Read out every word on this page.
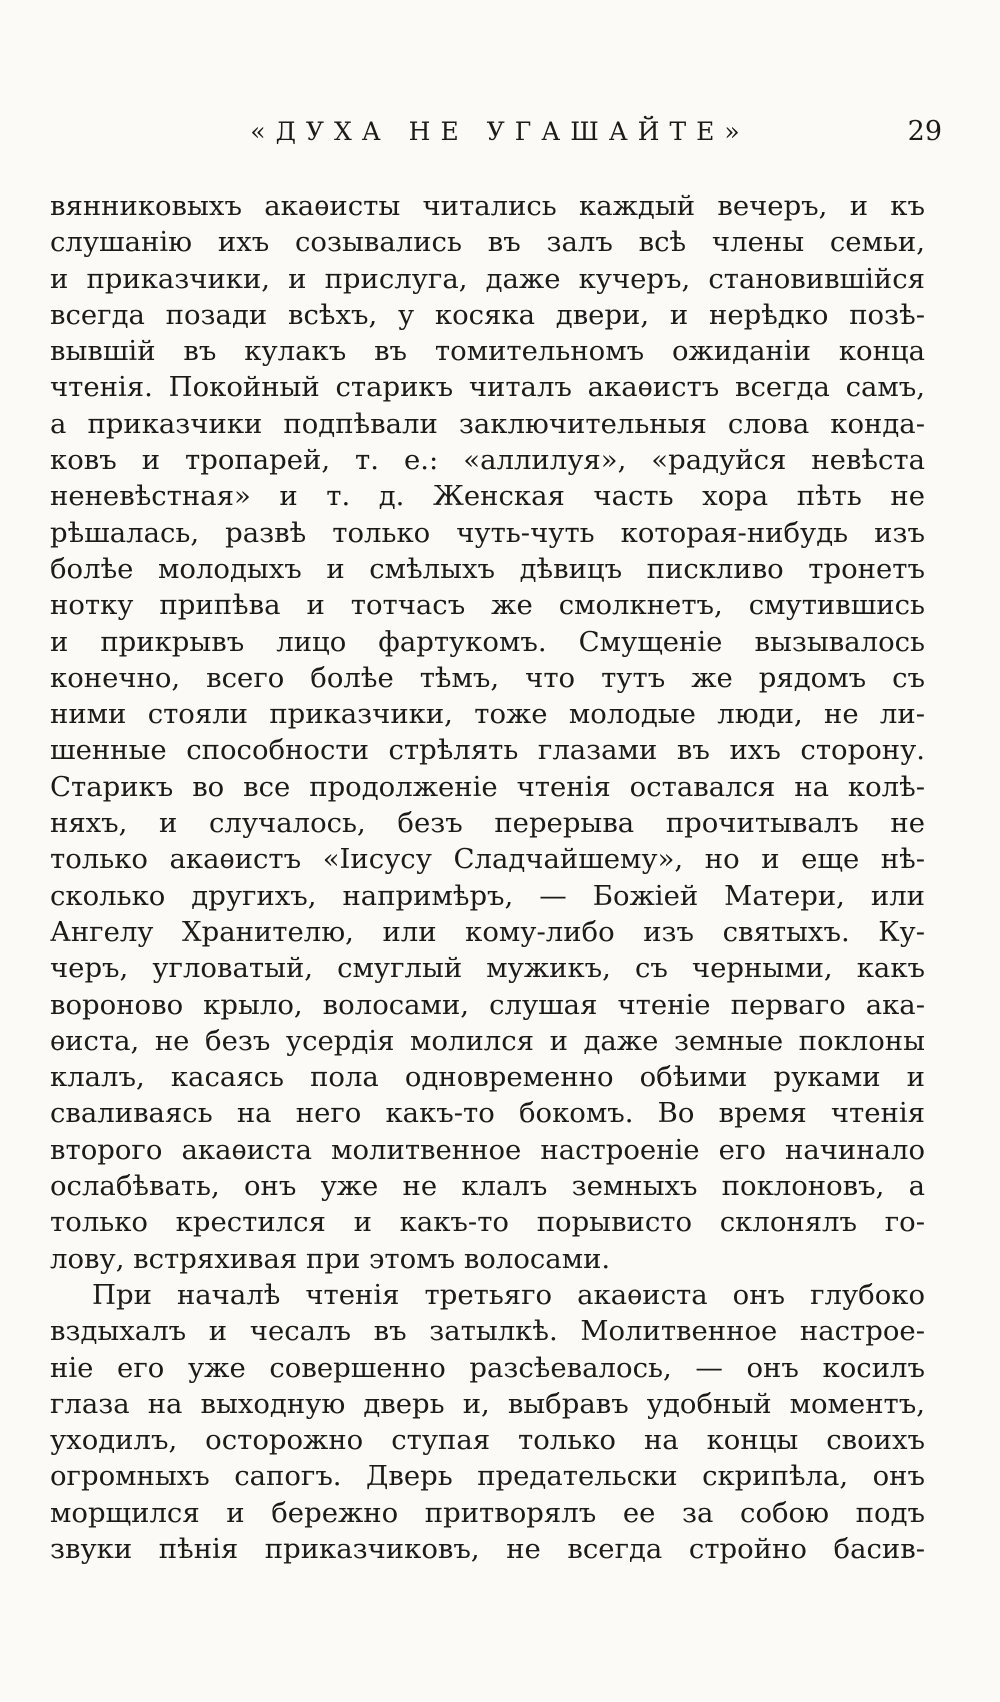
«ДУХА НЕ УГАШАЙТЕ»	29
вянниковыхъ акаѳисты читались каждый вечеръ, и къ
слушанію ихъ созывались въ залъ всѣ члены семьи,
и приказчики, и прислуга, даже кучеръ, становившійся
всегда позади всѣхъ, у косяка двери, и нерѣдко позѣ-
вывшій въ кулакъ въ томительномъ ожиданіи конца
чтенія. Покойный старикъ читалъ акаѳистъ всегда самъ,
а приказчики подпѣвали заключительныя слова конда-
ковъ и тропарей, т. е.: «аллилуя», «радуйся невѣста
неневѣстная» и т. д. Женская часть хора пѣть не
рѣшалась, развѣ только чуть-чуть которая-нибудь изъ
болѣе молодыхъ и смѣлыхъ дѣвицъ пискливо тронетъ
нотку припѣва и тотчасъ же смолкнетъ, смутившись
и прикрывъ лицо фартукомъ. Смущеніе вызывалось
конечно, всего болѣе тѣмъ, что тутъ же рядомъ съ
ними стояли приказчики, тоже молодые люди, не ли-
шенные способности стрѣлять глазами въ ихъ сторону.
Старикъ во все продолженіе чтенія оставался на колѣ-
няхъ, и случалось, безъ перерыва прочитывалъ не
только акаѳистъ «Іисусу Сладчайшему», но и еще нѣ-
сколько другихъ, напримѣръ, — Божіей Матери, или
Ангелу Хранителю, или кому-либо изъ святыхъ. Ку-
черъ, угловатый, смуглый мужикъ, съ черными, какъ
вороново крыло, волосами, слушая чтеніе перваго ака-
ѳиста, не безъ усердія молился и даже земные поклоны
клалъ, касаясь пола одновременно обѣими руками и
сваливаясь на него какъ-то бокомъ. Во время чтенія
второго акаѳиста молитвенное настроеніе его начинало
ослабѣвать, онъ уже не клалъ земныхъ поклоновъ, а
только крестился и какъ-то порывисто склонялъ го-
лову, встряхивая при этомъ волосами.
При началѣ чтенія третьяго акаѳиста онъ глубоко
вздыхалъ и чесалъ въ затылкѣ. Молитвенное настрое-
ніе его уже совершенно разсѣевалось, — онъ косилъ
глаза на выходную дверь и, выбравъ удобный моментъ,
уходилъ, осторожно ступая только на концы своихъ
огромныхъ сапогъ. Дверь предательски скрипѣла, онъ
морщился и бережно притворялъ ее за собою подъ
звуки пѣнія приказчиковъ, не всегда стройно басив-
